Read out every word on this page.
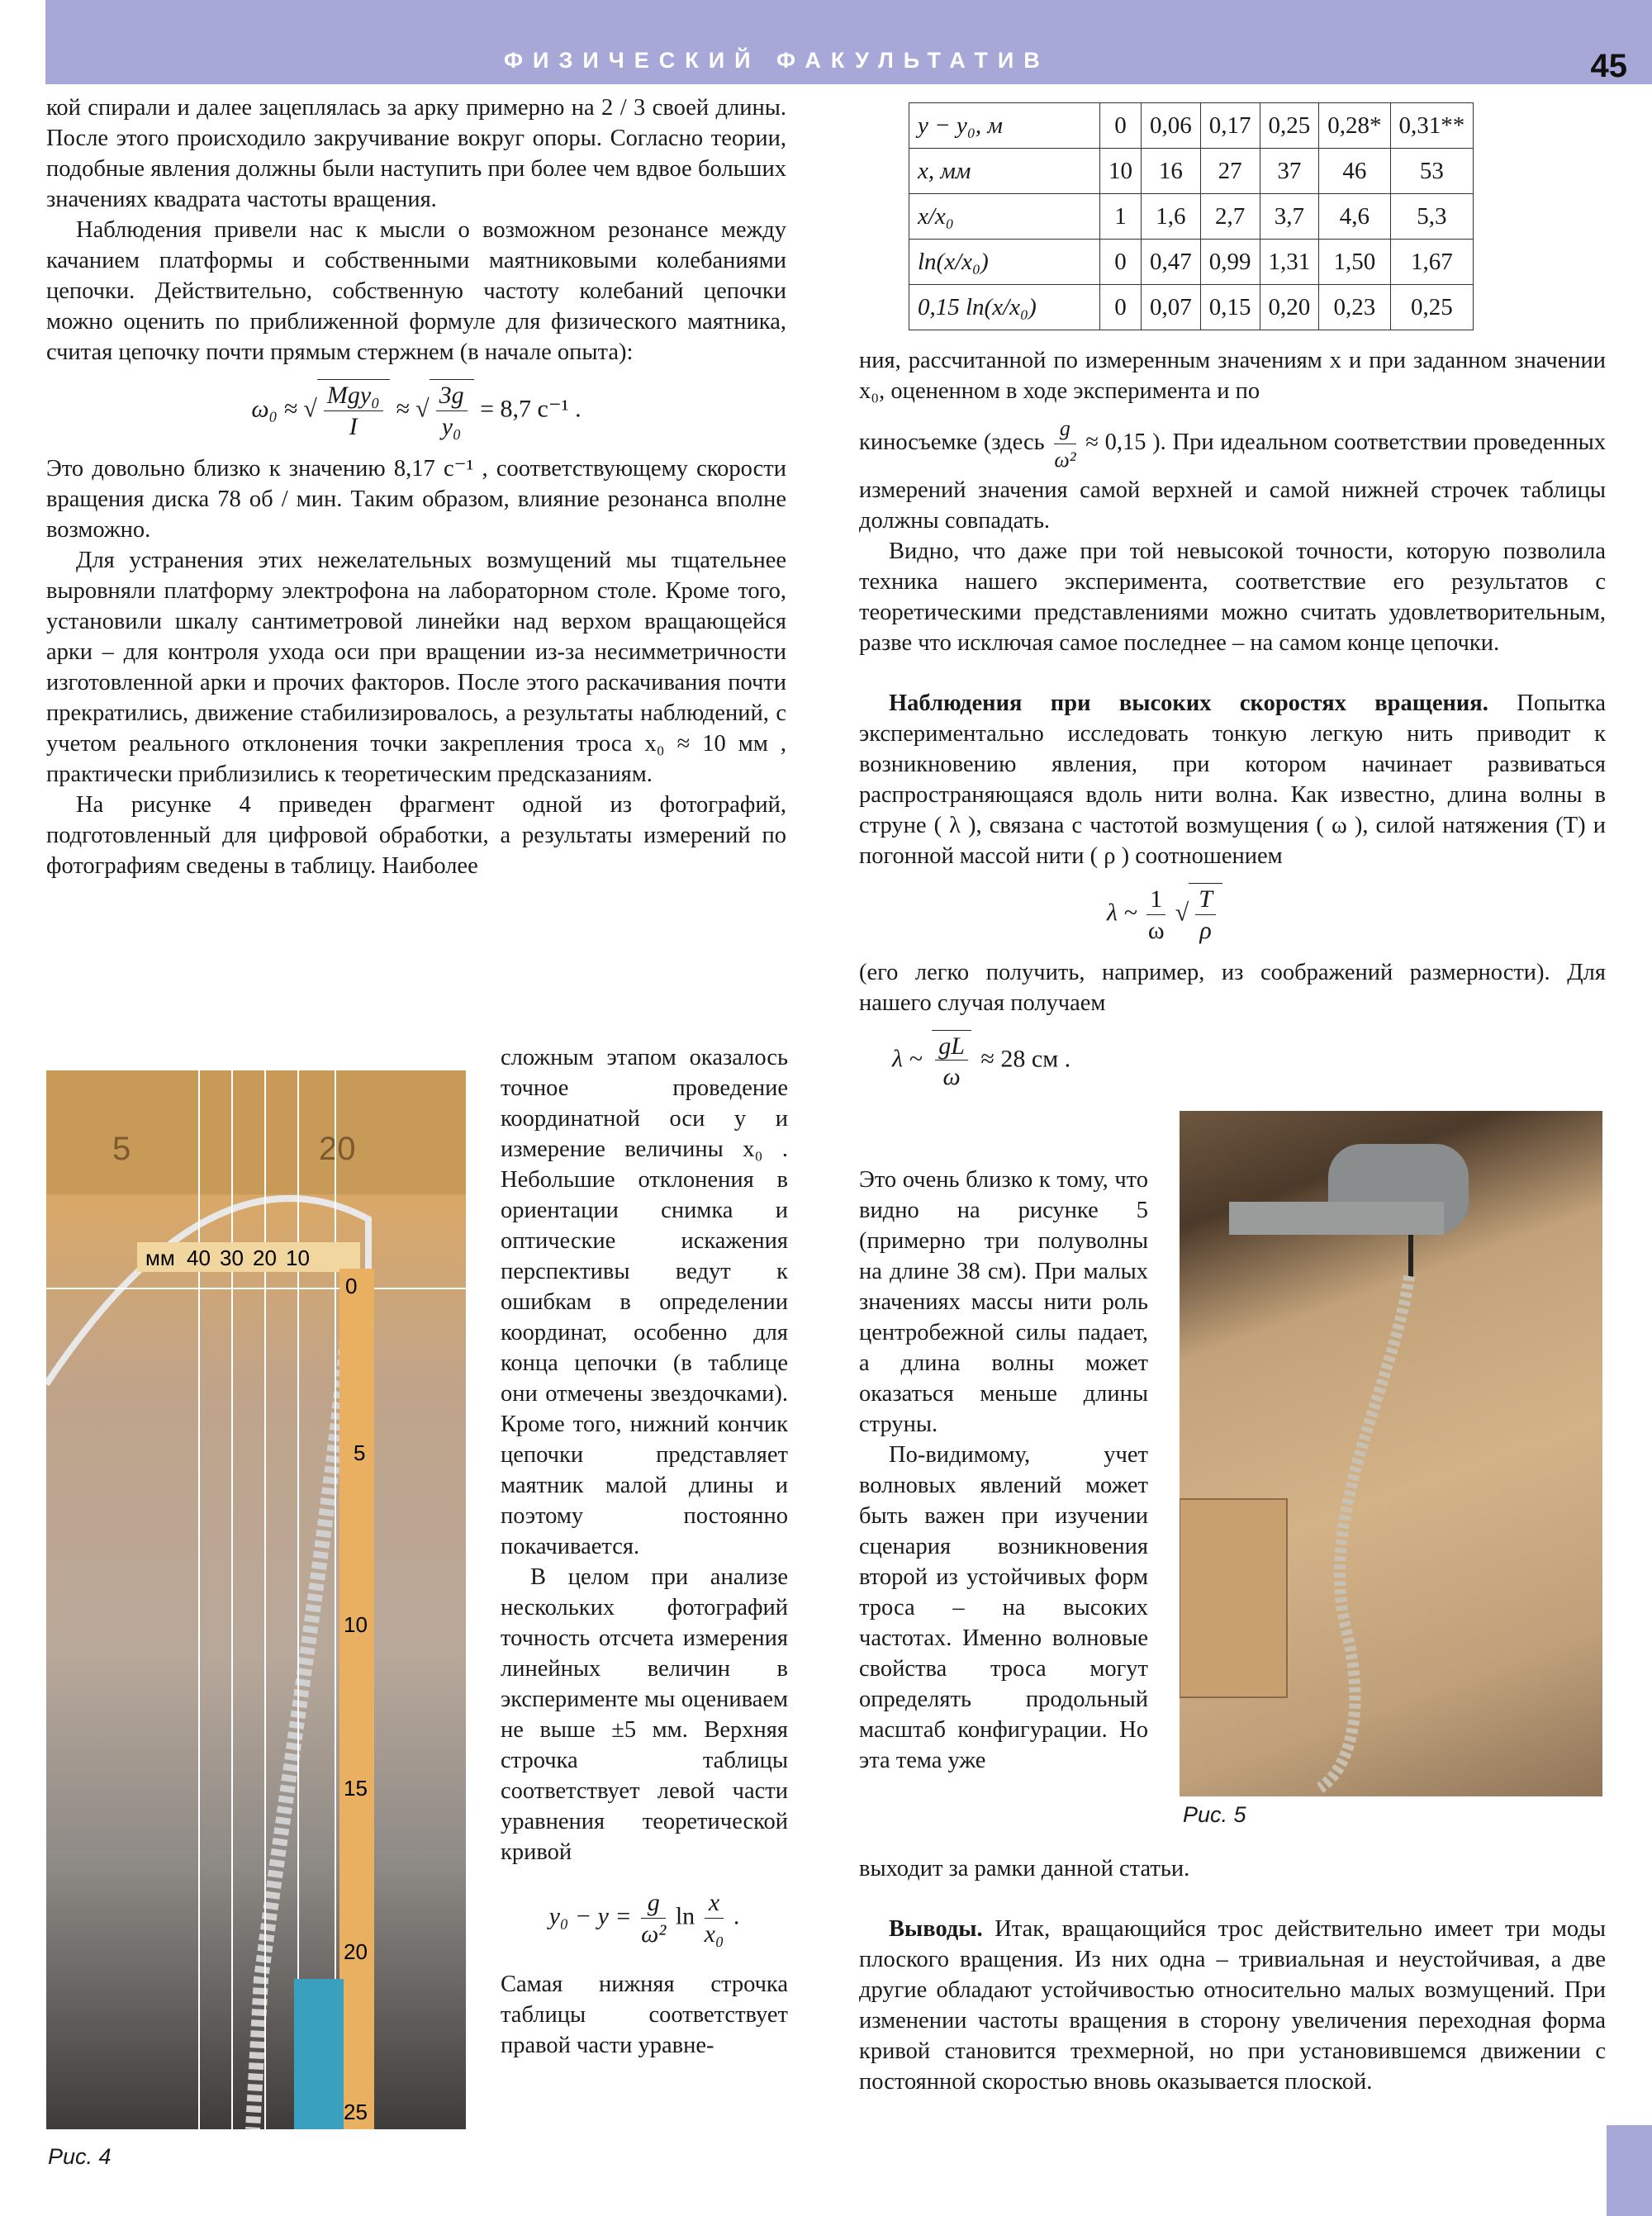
ФИЗИЧЕСКИЙ ФАКУЛЬТАТИВ	45

кой спирали и далее зацеплялась за арку примерно на 2 / 3 своей длины. После этого происходило закручивание вокруг опоры. Согласно теории, подобные явления должны были наступить при более чем вдвое больших значениях квадрата частоты вращения.

Наблюдения привели нас к мысли о возможном резонансе между качанием платформы и собственными маятниковыми колебаниями цепочки. Действительно, собственную частоту колебаний цепочки можно оценить по приближенной формуле для физического маятника, считая цепочку почти прямым стержнем (в начале опыта):

ω₀ ≈ √ $\frac{\text{Mgy₀}}{I}$ ≈ √ $\frac{3g}{\text{y₀}} = 8,7$ с⁻¹ .

Это довольно близко к значению 8,17 с⁻¹ , соответствующему скорости вращения диска 78 об / мин. Таким образом, влияние резонанса вполне возможно.

Для устранения этих нежелательных возмущений мы тщательнее выровняли платформу электрофона на лабораторном столе. Кроме того, установили шкалу сантиметровой линейки над верхом вращающейся арки – для контроля ухода оси при вращении из-за несимметричности изготовленной арки и прочих факторов. После этого раскачивания почти прекратились, движение стабилизировалось, а результаты наблюдений, с учетом реального отклонения точки закрепления троса x₀ ≈ 10 мм , практически приблизились к теоретическим предсказаниям.

На рисунке 4 приведен фрагмент одной из фотографий, подготовленный для цифровой обработки, а результаты измерений по фотографиям сведены в таблицу. Наиболее

5	20
мм 40 30 20 10
0
5
10
15
20
25
Рис. 4

сложным этапом оказалось точное проведение координатной оси y и измерение величины x₀ . Небольшие отклонения в ориентации снимка и оптические искажения перспективы ведут к ошибкам в определении координат, особенно для конца цепочки (в таблице они отмечены звездочками). Кроме того, нижний кончик цепочки представляет маятник малой длины и поэтому постоянно покачивается.

В целом при анализе нескольких фотографий точность отсчета измерения линейных величин в эксперименте мы оцениваем не выше ±5 мм. Верхняя строчка таблицы соответствует левой части уравнения теоретической кривой

$y_0 - y = \frac{g}{\text{ω²}}$ $\ln \frac{x}{\text{x₀}}$ .

Самая нижняя строчка таблицы соответствует правой части уравне-

y − y₀, м	0	0,06	0,17	0,25	0,28*	0,31**
x, мм	10	16	27	37	46	53
x/x₀	1	1,6	2,7	3,7	4,6	5,3
ln(x/x₀)	0	0,47	0,99	1,31	1,50	1,67
0,15 ln(x/x₀)	0	0,07	0,15	0,20	0,23	0,25

ния, рассчитанной по измеренным значениям x и при заданном значении x₀, оцененном в ходе эксперимента и по

киносъемке (здесь $\frac{g}{\text{ω²}} \approx 0,15$ ). При идеальном соответствии проведенных измерений значения самой верхней и самой нижней строчек таблицы должны совпадать.

Видно, что даже при той невысокой точности, которую позволила техника нашего эксперимента, соответствие его результатов с теоретическими представлениями можно считать удовлетворительным, разве что исключая самое последнее – на самом конце цепочки.

Наблюдения при высоких скоростях вращения. Попытка экспериментально исследовать тонкую легкую нить приводит к возникновению явления, при котором начинает развиваться распространяющаяся вдоль нити волна. Как известно, длина волны в струне ( λ ), связана с частотой возмущения ( ω ), силой натяжения (T) и погонной массой нити ( ρ ) соотношением

λ ~ $\frac{1}{\omega}$ √ $\frac{T}{\rho}$

(его легко получить, например, из соображений размерности). Для нашего случая получаем

λ ~ gL
ω
≈ 28 см .

Это очень близко к тому, что видно на рисунке 5 (примерно три полуволны на длине 38 см). При малых значениях массы нити роль центробежной силы падает, а длина волны может оказаться меньше длины струны.

По-видимому, учет волновых явлений может быть важен при изучении сценария возникновения второй из устойчивых форм троса – на высоких частотах. Именно волновые свойства троса могут определять продольный масштаб конфигурации. Но эта тема уже

Рис. 5

выходит за рамки данной статьи.

Выводы. Итак, вращающийся трос действительно имеет три моды плоского вращения. Из них одна – тривиальная и неустойчивая, а две другие обладают устойчивостью относительно малых возмущений. При изменении частоты вращения в сторону увеличения переходная форма кривой становится трехмерной, но при установившемся движении с постоянной скоростью вновь оказывается плоской.
